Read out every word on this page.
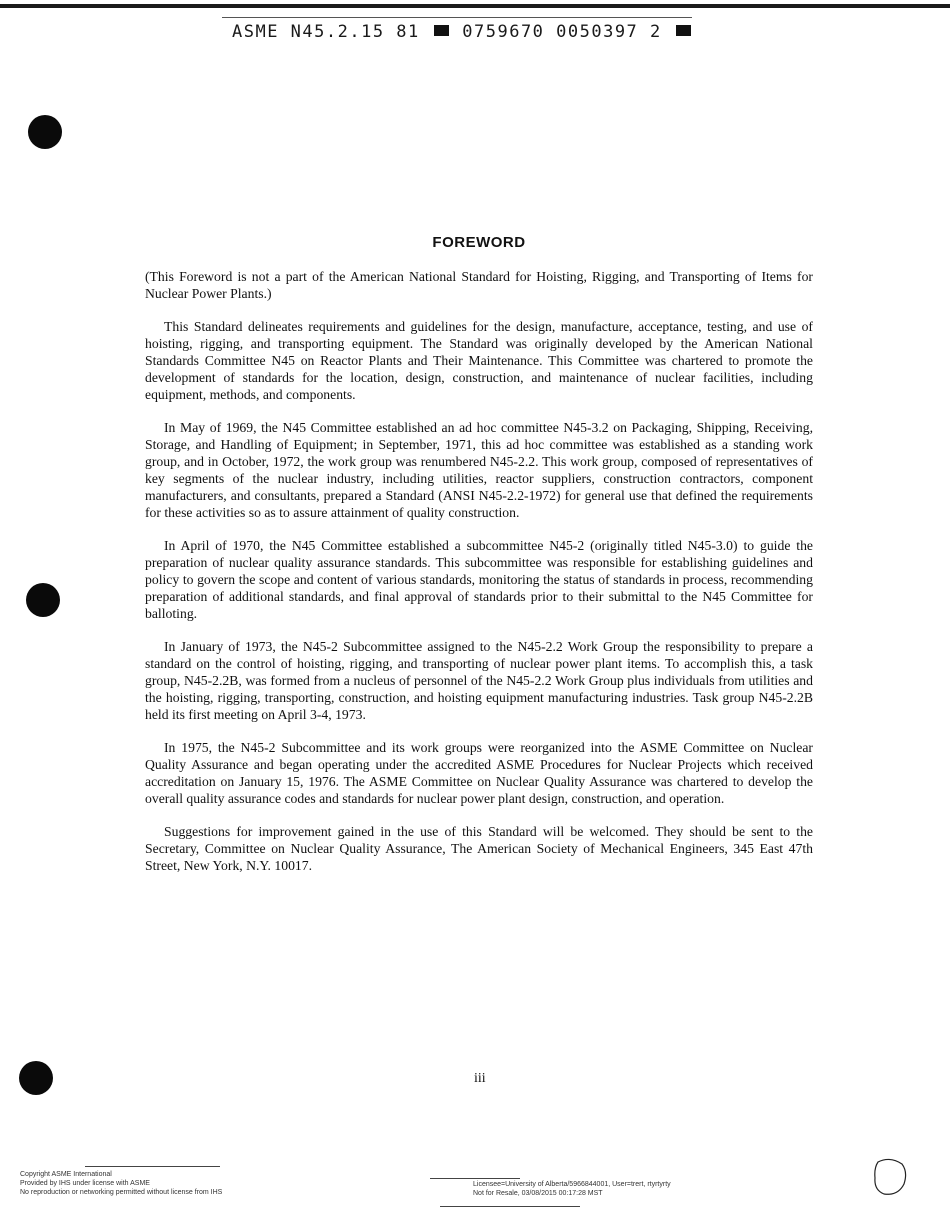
ASME N45.2.15 81	0759670 0050397 2
FOREWORD

(This Foreword is not a part of the American National Standard for Hoisting, Rigging, and Transporting of Items for Nuclear Power Plants.)

This Standard delineates requirements and guidelines for the design, manufacture, acceptance, testing, and use of hoisting, rigging, and transporting equipment. The Standard was originally developed by the American National Standards Committee N45 on Reactor Plants and Their Maintenance. This Committee was chartered to promote the development of standards for the location, design, construction, and maintenance of nuclear facilities, including equipment, methods, and components.

In May of 1969, the N45 Committee established an ad hoc committee N45-3.2 on Packaging, Shipping, Receiving, Storage, and Handling of Equipment; in September, 1971, this ad hoc committee was established as a standing work group, and in October, 1972, the work group was renumbered N45-2.2. This work group, composed of representatives of key segments of the nuclear industry, including utilities, reactor suppliers, construction contractors, component manufacturers, and consultants, prepared a Standard (ANSI N45-2.2-1972) for general use that defined the requirements for these activities so as to assure attainment of quality construction.

In April of 1970, the N45 Committee established a subcommittee N45-2 (originally titled N45-3.0) to guide the preparation of nuclear quality assurance standards. This subcommittee was responsible for establishing guidelines and policy to govern the scope and content of various standards, monitoring the status of standards in process, recommending preparation of additional standards, and final approval of standards prior to their submittal to the N45 Committee for balloting.

In January of 1973, the N45-2 Subcommittee assigned to the N45-2.2 Work Group the responsibility to prepare a standard on the control of hoisting, rigging, and transporting of nuclear power plant items. To accomplish this, a task group, N45-2.2B, was formed from a nucleus of personnel of the N45-2.2 Work Group plus individuals from utilities and the hoisting, rigging, transporting, construction, and hoisting equipment manufacturing industries. Task group N45-2.2B held its first meeting on April 3-4, 1973.

In 1975, the N45-2 Subcommittee and its work groups were reorganized into the ASME Committee on Nuclear Quality Assurance and began operating under the accredited ASME Procedures for Nuclear Projects which received accreditation on January 15, 1976. The ASME Committee on Nuclear Quality Assurance was chartered to develop the overall quality assurance codes and standards for nuclear power plant design, construction, and operation.

Suggestions for improvement gained in the use of this Standard will be welcomed. They should be sent to the Secretary, Committee on Nuclear Quality Assurance, The American Society of Mechanical Engineers, 345 East 47th Street, New York, N.Y. 10017.

iii
Copyright ASME International
Provided by IHS under license with ASME
No reproduction or networking permitted without license from IHS
Licensee=University of Alberta/5966844001, User=trert, rtyrtyrty
Not for Resale, 03/08/2015 00:17:28 MST
